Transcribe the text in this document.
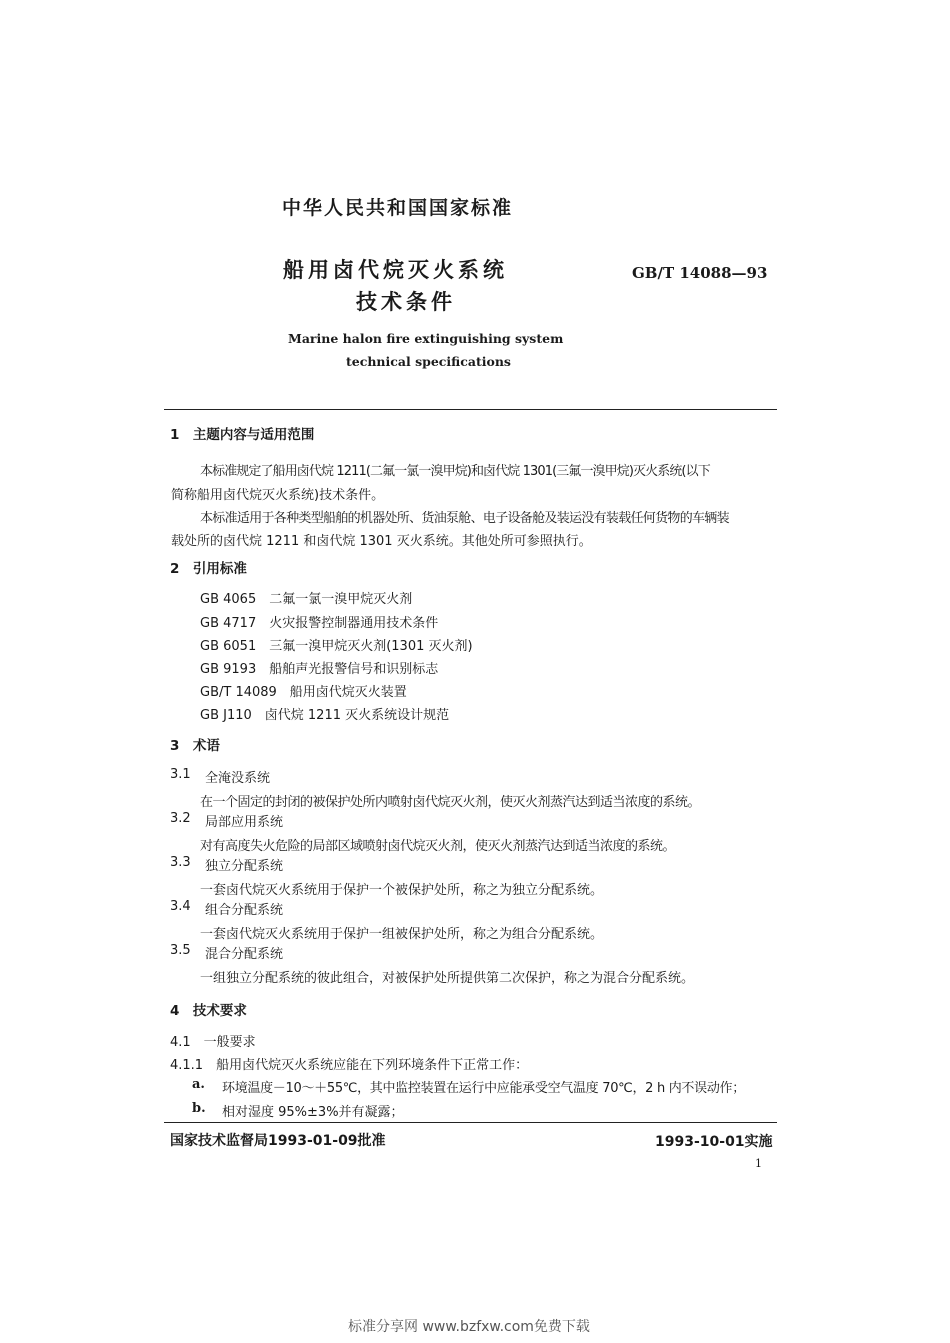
中华人民共和国国家标准
船用卤代烷灭火系统	GB/T 14088—93
技术条件
Marine halon fire extinguishing system
technical specifications
1　主题内容与适用范围
本标准规定了船用卤代烷 1211(二氟一氯一溴甲烷)和卤代烷 1301(三氟一溴甲烷)灭火系统(以下
简称船用卤代烷灭火系统)技术条件。
本标准适用于各种类型船舶的机器处所、货油泵舱、电子设备舱及装运没有装载任何货物的车辆装
载处所的卤代烷 1211 和卤代烷 1301 灭火系统。其他处所可参照执行。
2　引用标准
GB 4065　二氟一氯一溴甲烷灭火剂
GB 4717　火灾报警控制器通用技术条件
GB 6051　三氟一溴甲烷灭火剂(1301 灭火剂)
GB 9193　船舶声光报警信号和识别标志
GB/T 14089　船用卤代烷灭火装置
GB J110　卤代烷 1211 灭火系统设计规范
3　术语
3.1 全淹没系统
在一个固定的封闭的被保护处所内喷射卤代烷灭火剂，使灭火剂蒸汽达到适当浓度的系统。
3.2 局部应用系统
对有高度失火危险的局部区域喷射卤代烷灭火剂，使灭火剂蒸汽达到适当浓度的系统。
3.3 独立分配系统
一套卤代烷灭火系统用于保护一个被保护处所，称之为独立分配系统。
3.4 组合分配系统
一套卤代烷灭火系统用于保护一组被保护处所，称之为组合分配系统。
3.5 混合分配系统
一组独立分配系统的彼此组合，对被保护处所提供第二次保护，称之为混合分配系统。
4　技术要求
4.1　一般要求
4.1.1　船用卤代烷灭火系统应能在下列环境条件下正常工作：
a. 环境温度－10～＋55℃，其中监控装置在运行中应能承受空气温度 70℃，2 h 内不误动作；
b. 相对湿度 95%±3%并有凝露；
国家技术监督局1993-01-09批准	1993-10-01实施
1
标准分享网 www.bzfxw.com免费下载
